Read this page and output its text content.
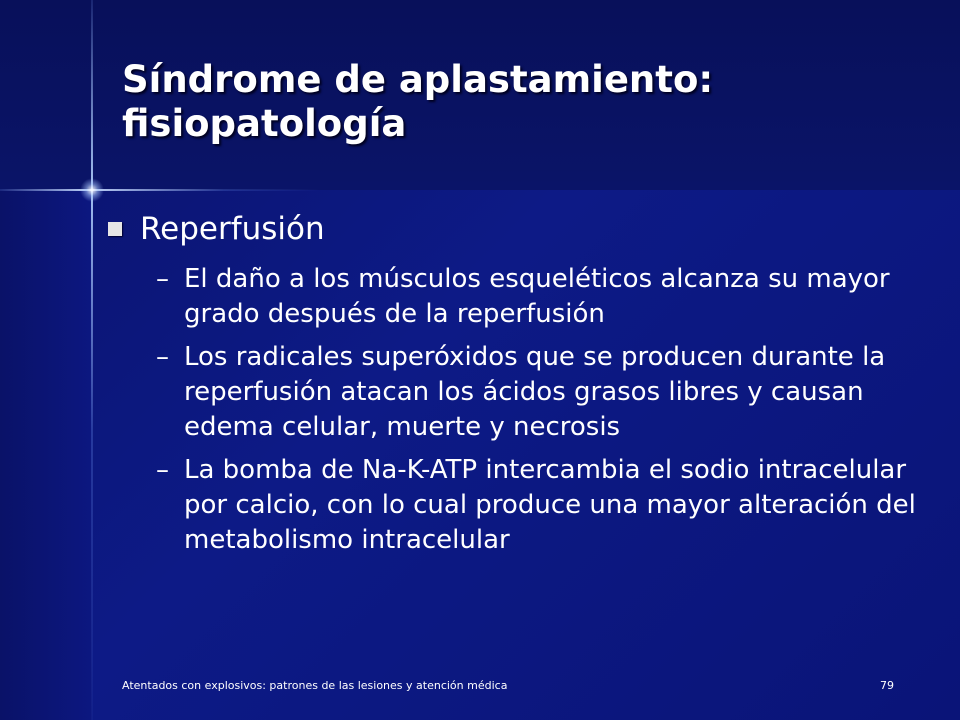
Síndrome de aplastamiento: fisiopatología
Reperfusión
– El daño a los músculos esqueléticos alcanza su mayor grado después de la reperfusión
– Los radicales superóxidos que se producen durante la reperfusión atacan los ácidos grasos libres y causan edema celular, muerte y necrosis
– La bomba de Na-K-ATP intercambia el sodio intracelular por calcio, con lo cual produce una mayor alteración del metabolismo intracelular
Atentados con explosivos: patrones de las lesiones y atención médica	79
